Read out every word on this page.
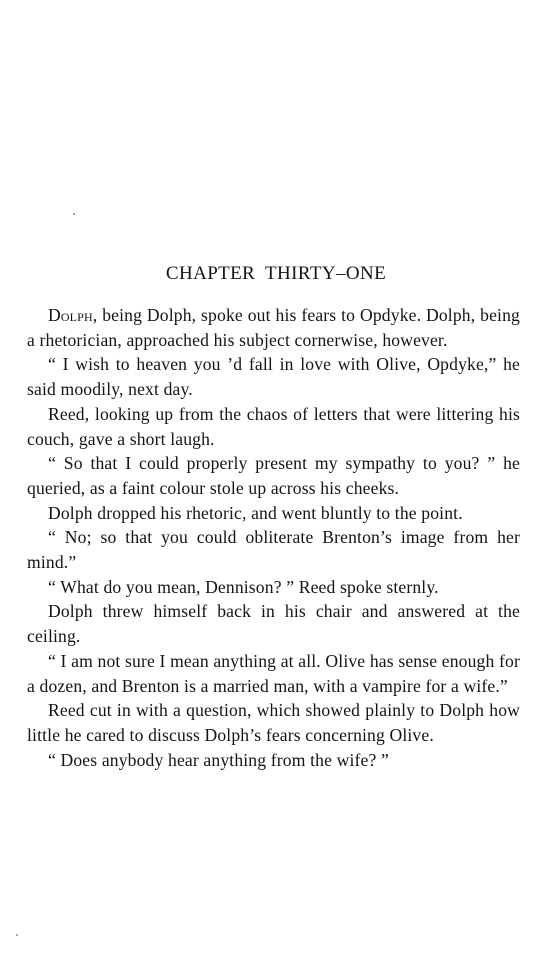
CHAPTER THIRTY–ONE

Dolph, being Dolph, spoke out his fears to Opdyke. Dolph, being a rhetorician, approached his subject cornerwise, however.

“ I wish to heaven you ’d fall in love with Olive, Opdyke,” he said moodily, next day.

Reed, looking up from the chaos of letters that were littering his couch, gave a short laugh.

“ So that I could properly present my sympathy to you? ” he queried, as a faint colour stole up across his cheeks.

Dolph dropped his rhetoric, and went bluntly to the point.

“ No; so that you could obliterate Brenton’s image from her mind.”

“ What do you mean, Dennison? ” Reed spoke sternly.

Dolph threw himself back in his chair and answered at the ceiling.

“ I am not sure I mean anything at all. Olive has sense enough for a dozen, and Brenton is a married man, with a vampire for a wife.”

Reed cut in with a question, which showed plainly to Dolph how little he cared to discuss Dolph’s fears concerning Olive.

“ Does anybody hear anything from the wife? ”
